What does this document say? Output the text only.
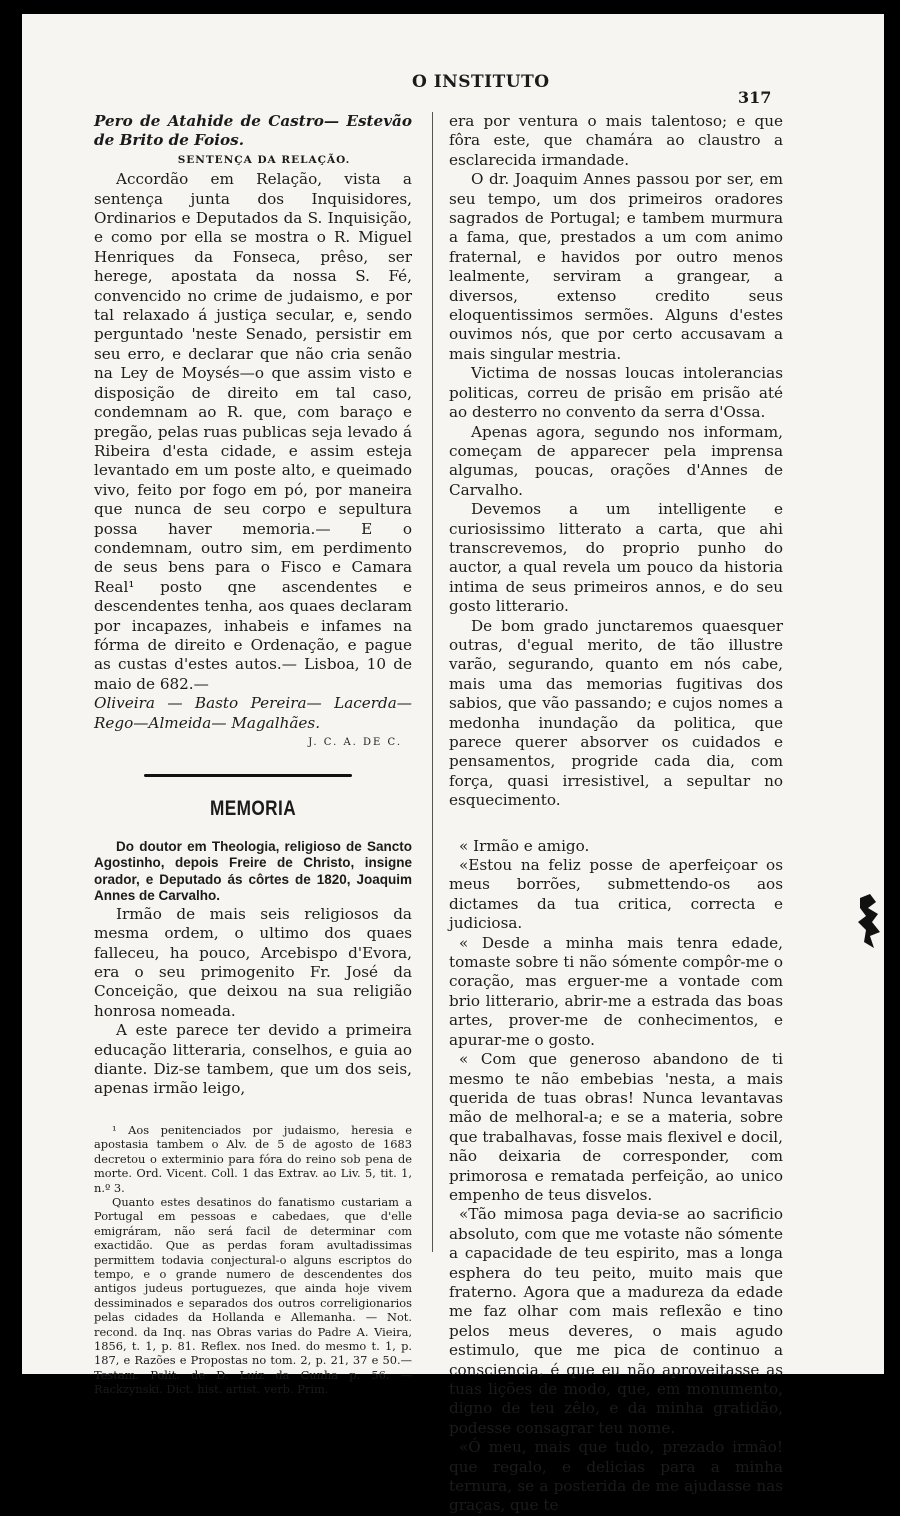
O INSTITUTO
317

Pero de Atahide de Castro— Estevão de Brito de Foios.

SENTENÇA DA RELAÇÃO.

Accordão em Relação, vista a sentença junta dos Inquisidores, Ordinarios e Deputados da S. Inquisição, e como por ella se mostra o R. Miguel Henriques da Fonseca, prêso, ser herege, apostata da nossa S. Fé, convencido no crime de judaismo, e por tal relaxado á justiça secular, e, sendo perguntado 'neste Senado, persistir em seu erro, e declarar que não cria senão na Ley de Moysés—o que assim visto e disposição de direito em tal caso, condemnam ao R. que, com baraço e pregão, pelas ruas publicas seja levado á Ribeira d'esta cidade, e assim esteja levantado em um poste alto, e queimado vivo, feito por fogo em pó, por maneira que nunca de seu corpo e sepultura possa haver memoria.— E o condemnam, outro sim, em perdimento de seus bens para o Fisco e Camara Real¹ posto qne ascendentes e descendentes tenha, aos quaes declaram por incapazes, inhabeis e infames na fórma de direito e Ordenação, e pague as custas d'estes autos.— Lisboa, 10 de maio de 682.—

Oliveira — Basto Pereira— Lacerda—Rego—Almeida— Magalhães.

J. C. A. DE C.

MEMORIA

Do doutor em Theologia, religioso de Sancto Agostinho, depois Freire de Christo, insigne orador, e Deputado ás côrtes de 1820, Joaquim Annes de Carvalho.

Irmão de mais seis religiosos da mesma ordem, o ultimo dos quaes falleceu, ha pouco, Arcebispo d'Evora, era o seu primogenito Fr. José da Conceição, que deixou na sua religião honrosa nomeada.

A este parece ter devido a primeira educação litteraria, conselhos, e guia ao diante. Diz-se tambem, que um dos seis, apenas irmão leigo,

¹ Aos penitenciados por judaismo, heresia e apostasia tambem o Alv. de 5 de agosto de 1683 decretou o exterminio para fóra do reino sob pena de morte. Ord. Vicent. Coll. 1 das Extrav. ao Liv. 5, tit. 1, n.º 3.

Quanto estes desatinos do fanatismo custariam a Portugal em pessoas e cabedaes, que d'elle emigráram, não será facil de determinar com exactidão. Que as perdas foram avultadissimas permittem todavia conjectural-o alguns escriptos do tempo, e o grande numero de descendentes dos antigos judeus portuguezes, que ainda hoje vivem dessiminados e separados dos outros correligionarios pelas cidades da Hollanda e Allemanha. — Not. recond. da Inq. nas Obras varias do Padre A. Vieira, 1856, t. 1, p. 81. Reflex. nos Ined. do mesmo t. 1, p. 187, e Razões e Propostas no tom. 2, p. 21, 37 e 50.— Testam. Polit. de D. Luiz da Cunha p. 56. — Rackzynski. Dict. hist. artist. verb. Prim.

era por ventura o mais talentoso; e que fôra este, que chamára ao claustro a esclarecida irmandade.

O dr. Joaquim Annes passou por ser, em seu tempo, um dos primeiros oradores sagrados de Portugal; e tambem murmura a fama, que, prestados a um com animo fraternal, e havidos por outro menos lealmente, serviram a grangear, a diversos, extenso credito seus eloquentissimos sermões. Alguns d'estes ouvimos nós, que por certo accusavam a mais singular mestria.

Victima de nossas loucas intolerancias politicas, correu de prisão em prisão até ao desterro no convento da serra d'Ossa.

Apenas agora, segundo nos informam, começam de apparecer pela imprensa algumas, poucas, orações d'Annes de Carvalho.

Devemos a um intelligente e curiosissimo litterato a carta, que ahi transcrevemos, do proprio punho do auctor, a qual revela um pouco da historia intima de seus primeiros annos, e do seu gosto litterario.

De bom grado junctaremos quaesquer outras, d'egual merito, de tão illustre varão, segurando, quanto em nós cabe, mais uma das memorias fugitivas dos sabios, que vão passando; e cujos nomes a medonha inundação da politica, que parece querer absorver os cuidados e pensamentos, progride cada dia, com força, quasi irresistivel, a sepultar no esquecimento.

« Irmão e amigo.

«Estou na feliz posse de aperfeiçoar os meus borrões, submettendo-os aos dictames da tua critica, correcta e judiciosa.

« Desde a minha mais tenra edade, tomaste sobre ti não sómente compôr-me o coração, mas erguer-me a vontade com brio litterario, abrir-me a estrada das boas artes, prover-me de conhecimentos, e apurar-me o gosto.

« Com que generoso abandono de ti mesmo te não embebias 'nesta, a mais querida de tuas obras! Nunca levantavas mão de melhoral-a; e se a materia, sobre que trabalhavas, fosse mais flexivel e docil, não deixaria de corresponder, com primorosa e rematada perfeição, ao unico empenho de teus disvelos.

«Tão mimosa paga devia-se ao sacrificio absoluto, com que me votaste não sómente a capacidade de teu espirito, mas a longa esphera do teu peito, muito mais que fraterno. Agora que a madureza da edade me faz olhar com mais reflexão e tino pelos meus deveres, o mais agudo estimulo, que me pica de continuo a consciencia, é que eu não aproveitasse as tuas lições de modo, que, em monumento, digno de teu zêlo, e da minha gratidão, podesse consagrar teu nome.

«Ó meu, mais que tudo, prezado irmão! que regalo, e delicias para a minha ternura, se a posterida de me ajudasse nas graças, que te
